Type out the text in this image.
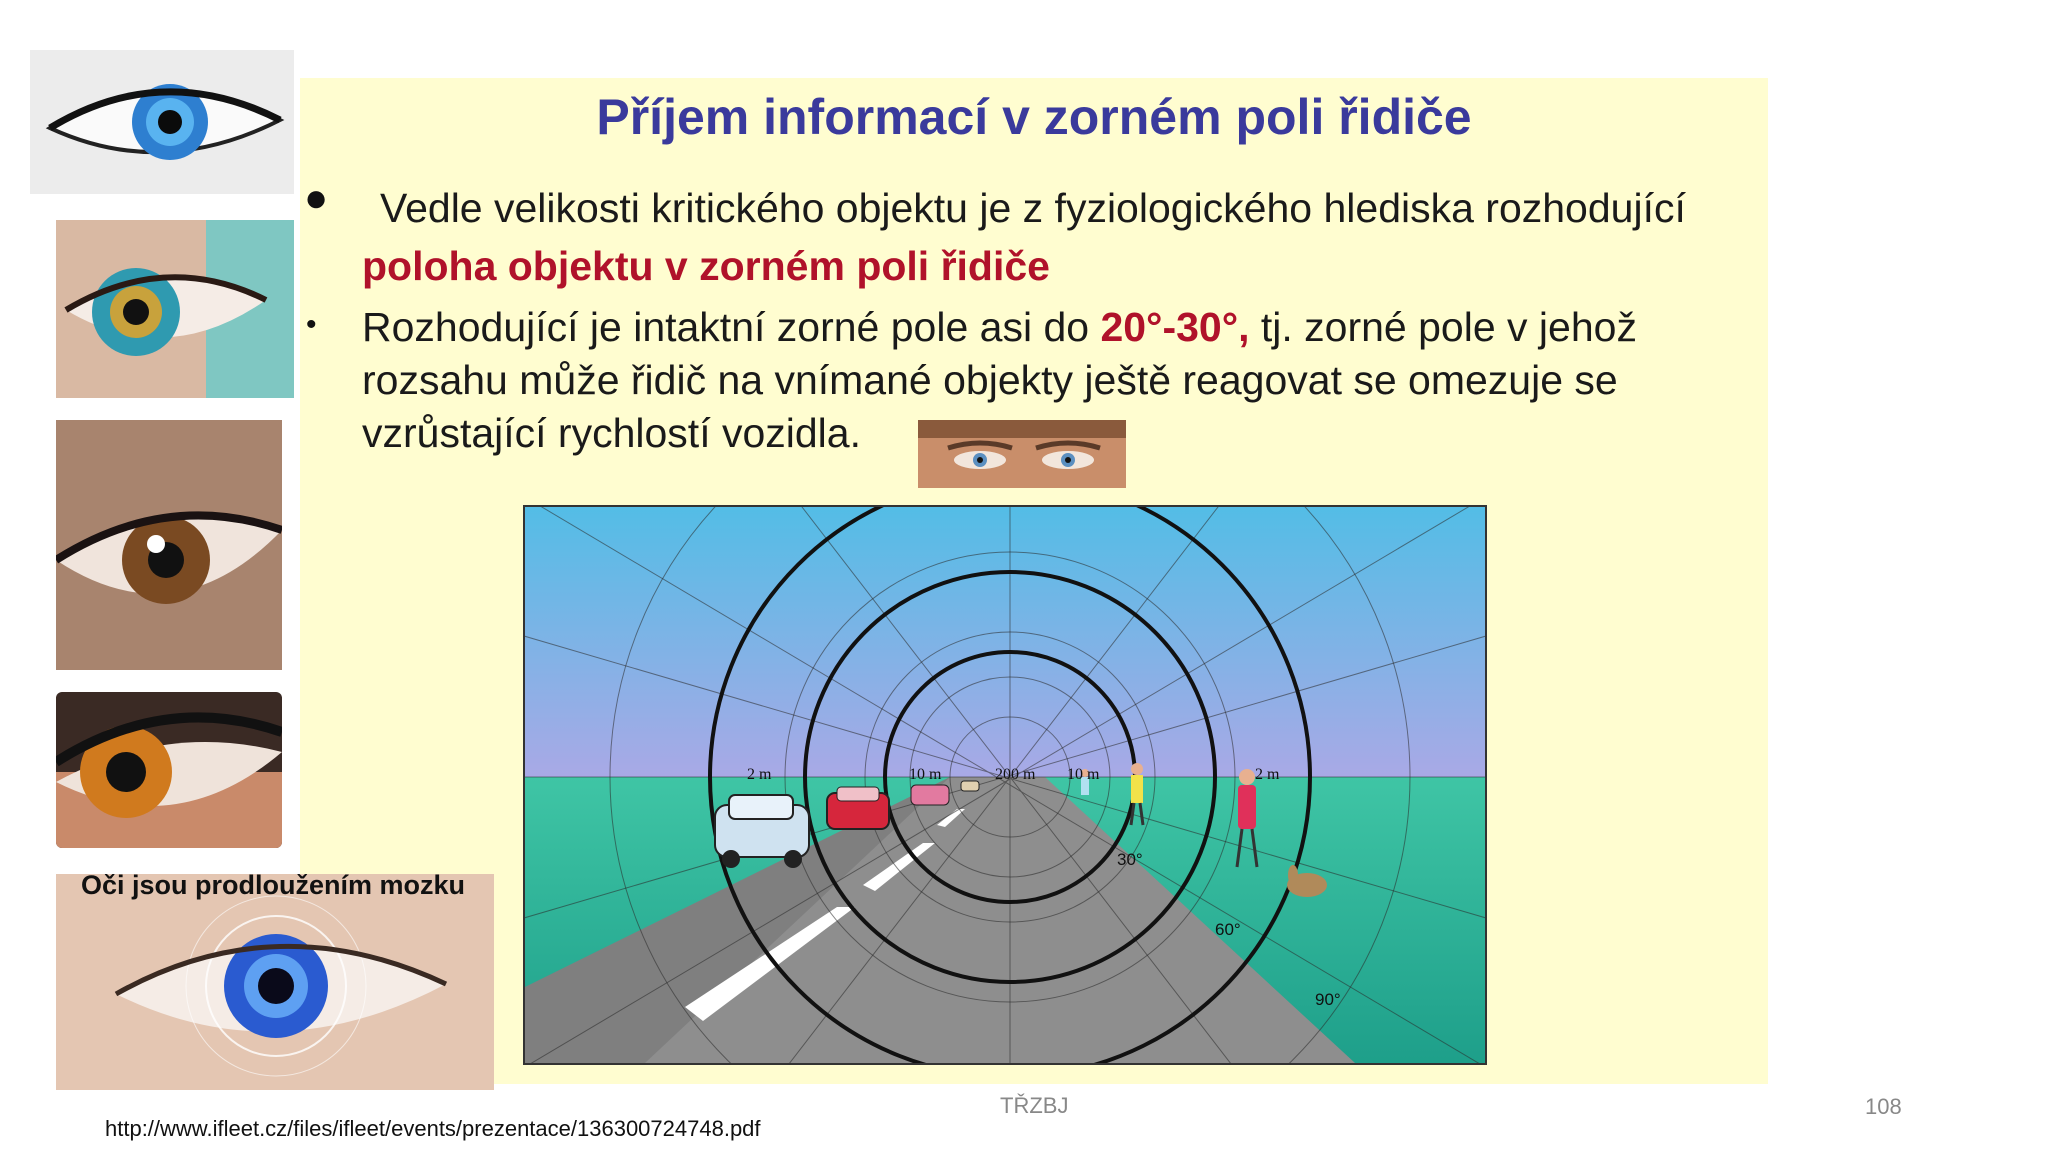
Příjem informací v zorném poli řidiče
● Vedle velikosti kritického objektu je z fyziologického hlediska rozhodující
poloha objektu v zorném poli řidiče
• Rozhodující je intaktní zorné pole asi do 20°-30°, tj. zorné pole v jehož
rozsahu může řidič na vnímané objekty ještě reagovat se omezuje se
vzrůstající rychlostí vozidla.
Oči jsou prodloužením mozku
2 m	10 m	200 m 10 m	2 m
30°
60°
90°
http://www.ifleet.cz/files/ifleet/events/prezentace/136300724748.pdf
TŘZBJ	108
